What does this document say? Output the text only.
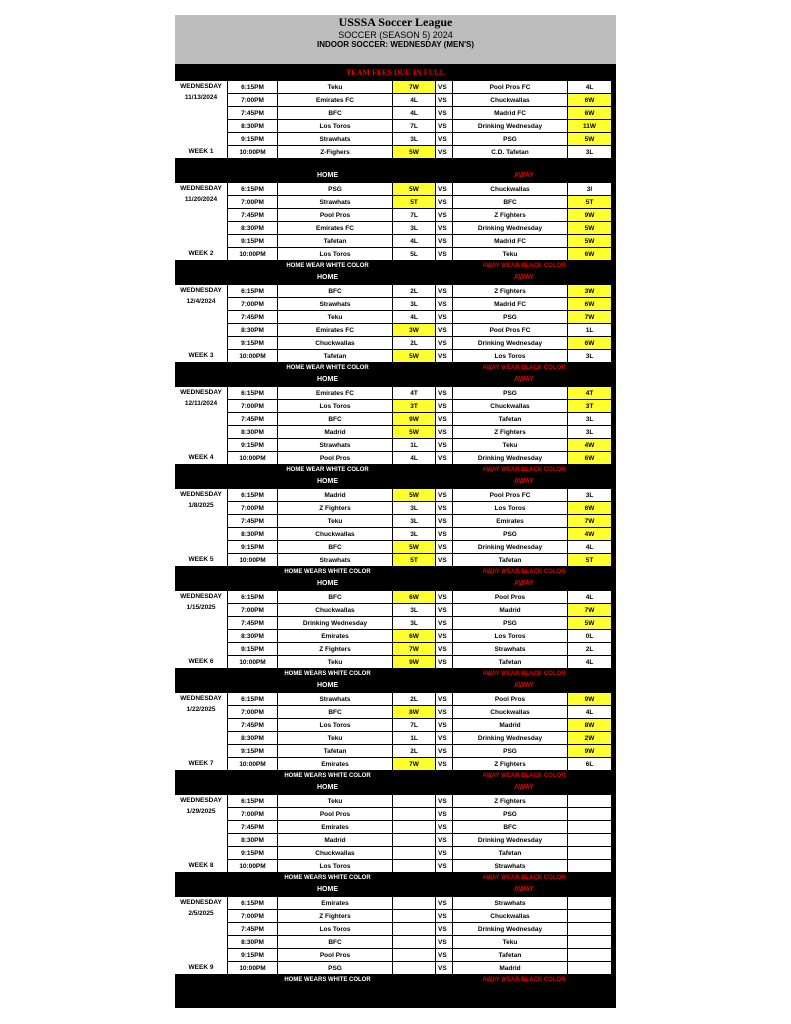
USSSA Soccer League
SOCCER (SEASON 5) 2024
INDOOR SOCCER: WEDNESDAY (MEN'S)
TEAM FEES DUE IN FULL
WEDNESDAY
11/13/2024
WEEK 1
6:15PM	Teku	7W	VS	Pool Pros FC	4L
7:00PM	Emirates FC	4L	VS	Chuckwallas	6W
7:45PM	BFC	4L	VS	Madrid FC	6W
8:30PM	Los Toros	7L	VS	Drinking Wednesday	11W
9:15PM	Strawhats	3L	VS	PSG	5W
10:00PM	Z-Fighers	5W	VS	C.D. Tafetan	3L
HOME	AWAY
WEDNESDAY
11/20/2024
WEEK 2
6:15PM	PSG	5W	VS	Chuckwallas	3l
7:00PM	Strawhats	5T	VS	BFC	5T
7:45PM	Pool Pros	7L	VS	Z Fighters	9W
8:30PM	Emirates FC	3L	VS	Drinking Wednesday	5W
9:15PM	Tafetan	4L	VS	Madrid FC	5W
10:00PM	Los Toros	5L	VS	Teku	6W
HOME WEAR WHITE COLOR	AWAY WEAR BLACK COLOR
HOME	AWAY
WEDNESDAY
12/4/2024
WEEK 3
6:15PM	BFC	2L	VS	Z Fighters	3W
7:00PM	Strawhats	3L	VS	Madrid FC	6W
7:45PM	Teku	4L	VS	PSG	7W
8:30PM	Emirates FC	3W	VS	Pool Pros FC	1L
9:15PM	Chuckwallas	2L	VS	Drinking Wednesday	6W
10:00PM	Tafetan	5W	VS	Los Toros	3L
HOME WEAR WHITE COLOR	AWAY WEAR BLACK COLOR
HOME	AWAY
WEDNESDAY
12/11/2024
WEEK 4
6:15PM	Emirates FC	4T	VS	PSG	4T
7:00PM	Los Toros	3T	VS	Chuckwallas	3T
7:45PM	BFC	9W	VS	Tafetan	3L
8:30PM	Madrid	5W	VS	Z Fighters	3L
9:15PM	Strawhats	1L	VS	Teku	4W
10:00PM	Pool Pros	4L	VS	Drinking Wednesday	6W
HOME WEAR WHITE COLOR	AWAY WEAR BLACK COLOR
HOME	AWAY
WEDNESDAY
1/8/2025
WEEK 5
6:15PM	Madrid	5W	VS	Pool Pros FC	3L
7:00PM	Z Fighters	3L	VS	Los Toros	6W
7:45PM	Teku	3L	VS	Emirates	7W
8:30PM	Chuckwallas	3L	VS	PSG	4W
9:15PM	BFC	5W	VS	Drinking Wednesday	4L
10:00PM	Strawhats	5T	VS	Tafetan	5T
HOME WEARS WHITE COLOR	AWAY WEAR BLACK COLOR
HOME	AWAY
WEDNESDAY
1/15/2025
WEEK 6
6:15PM	BFC	6W	VS	Pool Pros	4L
7:00PM	Chuckwallas	3L	VS	Madrid	7W
7:45PM	Drinking Wednesday	3L	VS	PSG	5W
8:30PM	Emirates	6W	VS	Los Toros	0L
9:15PM	Z Fighters	7W	VS	Strawhats	2L
10:00PM	Teku	9W	VS	Tafetan	4L
HOME WEARS WHITE COLOR	AWAY WEAR BLACK COLOR
HOME	AWAY
WEDNESDAY
1/22/2025
WEEK 7
6:15PM	Strawhats	2L	VS	Pool Pros	9W
7:00PM	BFC	8W	VS	Chuckwallas	4L
7:45PM	Los Toros	7L	VS	Madrid	8W
8:30PM	Teku	1L	VS	Drinking Wednesday	2W
9:15PM	Tafetan	2L	VS	PSG	9W
10:00PM	Emirates	7W	VS	Z Fighters	6L
HOME WEARS WHITE COLOR	AWAY WEAR BLACK COLOR
HOME	AWAY
WEDNESDAY
1/29/2025
WEEK 8
6:15PM	Teku	VS	Z Fighters
7:00PM	Pool Pros	VS	PSG
7:45PM	Emirates	VS	BFC
8:30PM	Madrid	VS	Drinking Wednesday
9:15PM	Chuckwallas	VS	Tafetan
10:00PM	Los Toros	VS	Strawhats
HOME WEARS WHITE COLOR	AWAY WEAR BLACK COLOR
HOME	AWAY
WEDNESDAY
2/5/2025
WEEK 9
6:15PM	Emirates	VS	Strawhats
7:00PM	Z Fighters	VS	Chuckwallas
7:45PM	Los Toros	VS	Drinking Wednesday
8:30PM	BFC	VS	Teku
9:15PM	Pool Pros	VS	Tafetan
10:00PM	PSG	VS	Madrid
HOME WEARS WHITE COLOR	AWAY WEAR BLACK COLOR
